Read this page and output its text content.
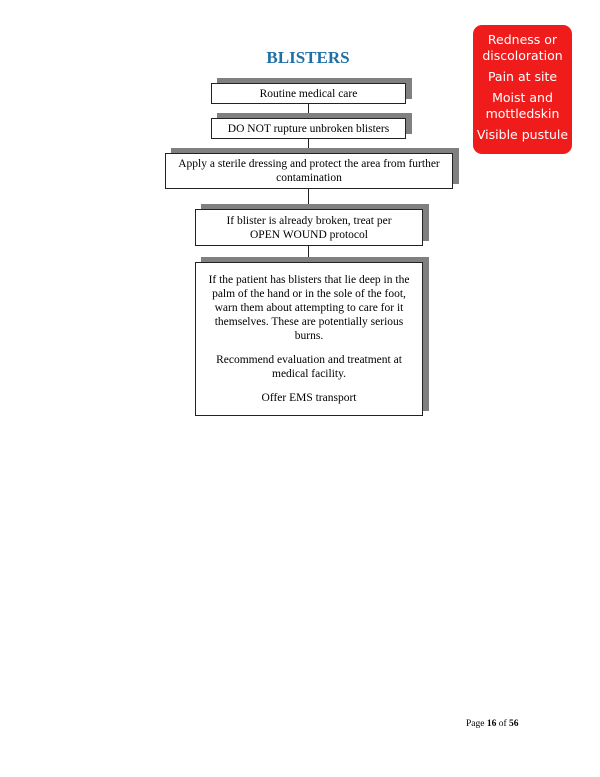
BLISTERS
Routine medical care
DO NOT rupture unbroken blisters
Apply a sterile dressing and protect the area from further contamination
If blister is already broken, treat per OPEN WOUND protocol

If the patient has blisters that lie deep in the palm of the hand or in the sole of the foot, warn them about attempting to care for it themselves. These are potentially serious burns.

Recommend evaluation and treatment at medical facility.

Offer EMS transport

Redness or discoloration
Pain at site
Moist and mottledskin
Visible pustule
Page 16 of 56
